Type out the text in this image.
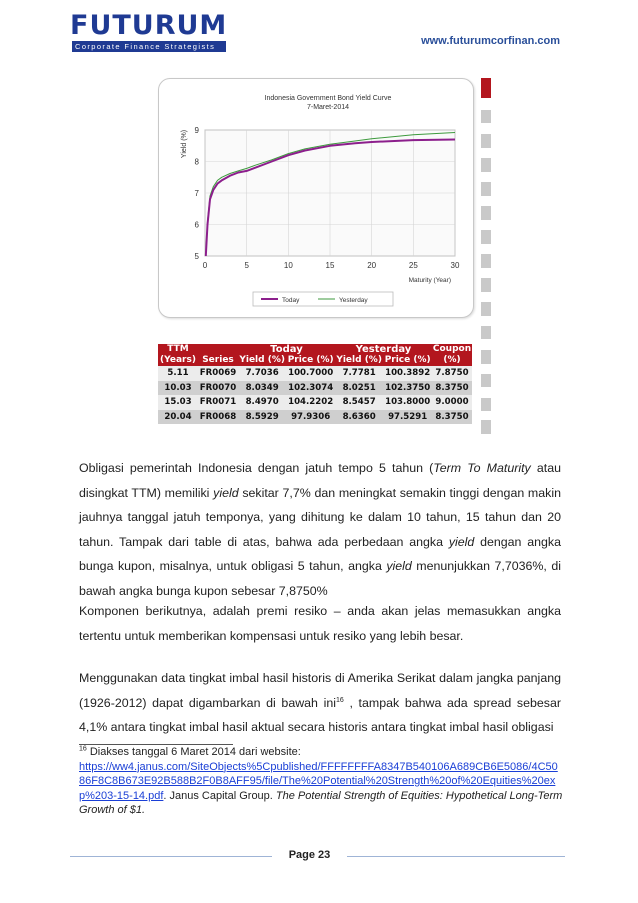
FUTURUM
Corporate Finance Strategists	www.futurumcorfinan.com
Indonesia Government Bond Yield Curve
7-Maret-2014
Yield (%)
5
6
7
8
9
0	5	10	15	20	25	30
Maturity (Year)
Today	Yesterday
TTM
(Years)	Series	Today		Yesterday		Coupon
(%)
		Yield (%)	Price (%)	Yield (%)	Price (%)	
5.11	FR0069	7.7036	100.7000	7.7781	100.3892	7.8750
10.03	FR0070	8.0349	102.3074	8.0251	102.3750	8.3750
15.03	FR0071	8.4970	104.2202	8.5457	103.8000	9.0000
20.04	FR0068	8.5929	97.9306	8.6360	97.5291	8.3750

Obligasi pemerintah Indonesia dengan jatuh tempo 5 tahun (Term To Maturity atau disingkat TTM) memiliki yield sekitar 7,7% dan meningkat semakin tinggi dengan makin jauhnya tanggal jatuh temponya, yang dihitung ke dalam 10 tahun, 15 tahun dan 20 tahun. Tampak dari table di atas, bahwa ada perbedaan angka yield dengan angka bunga kupon, misalnya, untuk obligasi 5 tahun, angka yield menunjukkan 7,7036%, di bawah angka bunga kupon sebesar 7,8750%

Komponen berikutnya, adalah premi resiko – anda akan jelas memasukkan angka tertentu untuk memberikan kompensasi untuk resiko yang lebih besar.

Menggunakan data tingkat imbal hasil historis di Amerika Serikat dalam jangka panjang (1926-2012) dapat digambarkan di bawah ini$^{16}$ , tampak bahwa ada spread sebesar 4,1% antara tingkat imbal hasil aktual secara historis antara tingkat imbal hasil obligasi

$^{16}$ Diakses tanggal 6 Maret 2014 dari website:
https://ww4.janus.com/SiteObjects%5Cpublished/FFFFFFFFA8347B540106A689CB6E5086/4C5086F8C8B673E92B588B2F0B8AFF95/file/The%20Potential%20Strength%20of%20Equities%20exp%203-15-14.pdf. Janus Capital Group. The Potential Strength of Equities: Hypothetical Long-Term Growth of $1.
Page 23
